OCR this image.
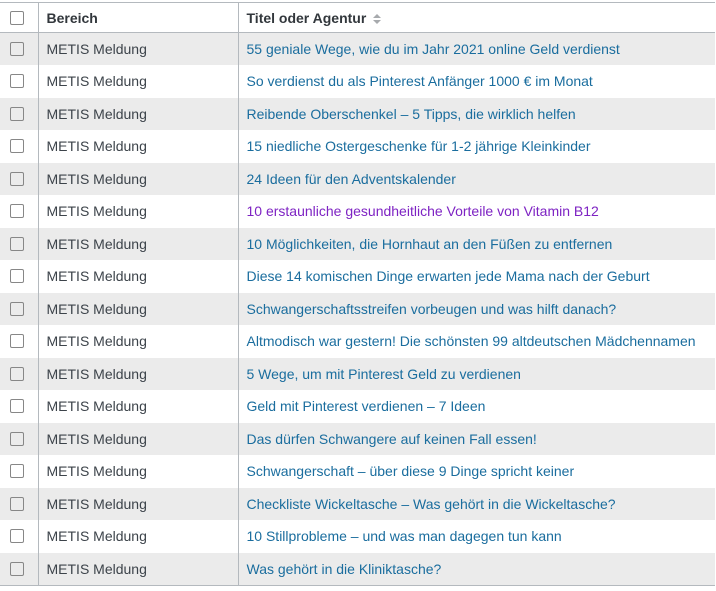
	Bereich	Titel oder Agentur

	METIS Meldung	55 geniale Wege, wie du im Jahr 2021 online Geld verdienst

	METIS Meldung	So verdienst du als Pinterest Anfänger 1000 € im Monat

	METIS Meldung	Reibende Oberschenkel – 5 Tipps, die wirklich helfen

	METIS Meldung	15 niedliche Ostergeschenke für 1-2 jährige Kleinkinder

	METIS Meldung	24 Ideen für den Adventskalender

	METIS Meldung	10 erstaunliche gesundheitliche Vorteile von Vitamin B12

	METIS Meldung	10 Möglichkeiten, die Hornhaut an den Füßen zu entfernen

	METIS Meldung	Diese 14 komischen Dinge erwarten jede Mama nach der Geburt

	METIS Meldung	Schwangerschaftsstreifen vorbeugen und was hilft danach?

	METIS Meldung	Altmodisch war gestern! Die schönsten 99 altdeutschen Mädchennamen

	METIS Meldung	5 Wege, um mit Pinterest Geld zu verdienen

	METIS Meldung	Geld mit Pinterest verdienen – 7 Ideen

	METIS Meldung	Das dürfen Schwangere auf keinen Fall essen!

	METIS Meldung	Schwangerschaft – über diese 9 Dinge spricht keiner

	METIS Meldung	Checkliste Wickeltasche – Was gehört in die Wickeltasche?

	METIS Meldung	10 Stillprobleme – und was man dagegen tun kann

	METIS Meldung	Was gehört in die Kliniktasche?
